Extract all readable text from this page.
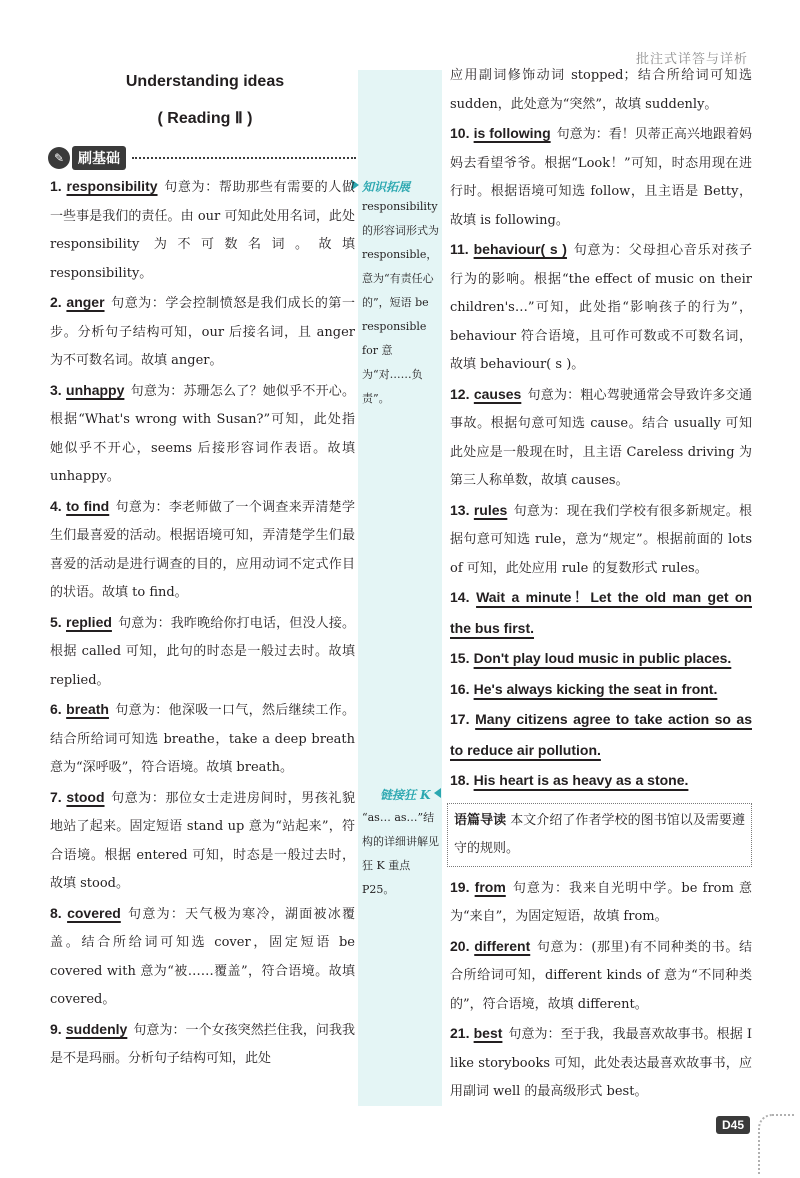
批注式详答与详析
Understanding ideas
( Reading Ⅱ )
✎ 刷基础
知识拓展
responsibility 的形容词形式为 responsible，意为“有责任心的”，短语 be responsible for 意为“对……负责”。
链接狂 K
“as… as…”结构的详细讲解见狂 K 重点 P25。
1. responsibility 句意为：帮助那些有需要的人做一些事是我们的责任。由 our 可知此处用名词，此处 responsibility 为不可数名词。故填 responsibility。
2. anger 句意为：学会控制愤怒是我们成长的第一步。分析句子结构可知，our 后接名词，且 anger 为不可数名词。故填 anger。
3. unhappy 句意为：苏珊怎么了？她似乎不开心。根据“What's wrong with Susan?”可知，此处指她似乎不开心，seems 后接形容词作表语。故填 unhappy。
4. to find 句意为：李老师做了一个调查来弄清楚学生们最喜爱的活动。根据语境可知，弄清楚学生们最喜爱的活动是进行调查的目的，应用动词不定式作目的状语。故填 to find。
5. replied 句意为：我昨晚给你打电话，但没人接。根据 called 可知，此句的时态是一般过去时。故填 replied。
6. breath 句意为：他深吸一口气，然后继续工作。结合所给词可知选 breathe，take a deep breath 意为“深呼吸”，符合语境。故填 breath。
7. stood 句意为：那位女士走进房间时，男孩礼貌地站了起来。固定短语 stand up 意为“站起来”，符合语境。根据 entered 可知，时态是一般过去时，故填 stood。
8. covered 句意为：天气极为寒冷，湖面被冰覆盖。结合所给词可知选 cover，固定短语 be covered with 意为“被……覆盖”，符合语境。故填 covered。
9. suddenly 句意为：一个女孩突然拦住我，问我我是不是玛丽。分析句子结构可知，此处
应用副词修饰动词 stopped；结合所给词可知选 sudden，此处意为“突然”，故填 suddenly。
10. is following 句意为：看！贝蒂正高兴地跟着妈妈去看望爷爷。根据“Look！”可知，时态用现在进行时。根据语境可知选 follow，且主语是 Betty，故填 is following。
11. behaviour( s ) 句意为：父母担心音乐对孩子行为的影响。根据“the effect of music on their children's…”可知，此处指“影响孩子的行为”，behaviour 符合语境，且可作可数或不可数名词，故填 behaviour( s )。
12. causes 句意为：粗心驾驶通常会导致许多交通事故。根据句意可知选 cause。结合 usually 可知此处应是一般现在时，且主语 Careless driving 为第三人称单数，故填 causes。
13. rules 句意为：现在我们学校有很多新规定。根据句意可知选 rule，意为“规定”。根据前面的 lots of 可知，此处应用 rule 的复数形式 rules。
14. Wait a minute！Let the old man get on the bus first.
15. Don't play loud music in public places.
16. He's always kicking the seat in front.
17. Many citizens agree to take action so as to reduce air pollution.
18. His heart is as heavy as a stone.
语篇导读 本文介绍了作者学校的图书馆以及需要遵守的规则。
19. from 句意为：我来自光明中学。be from 意为“来自”，为固定短语，故填 from。
20. different 句意为：(那里)有不同种类的书。结合所给词可知，different kinds of 意为“不同种类的”，符合语境，故填 different。
21. best 句意为：至于我，我最喜欢故事书。根据 I like storybooks 可知，此处表达最喜欢故事书，应用副词 well 的最高级形式 best。
D45
